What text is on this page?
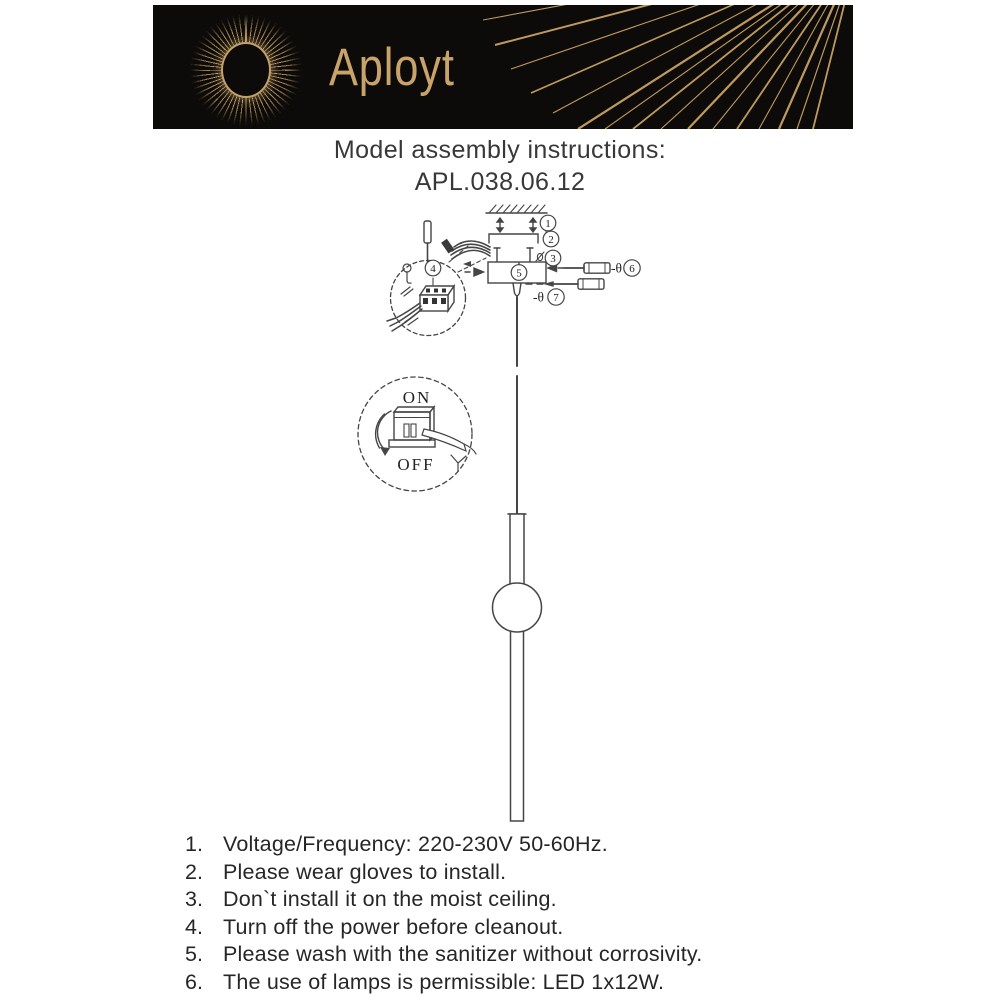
Aployt
Model assembly instructions:
APL.038.06.12
1
2
3
4	5	6
7
-θ
-θ
ON
OFF
1. Voltage/Frequency: 220-230V 50-60Hz.
2. Please wear gloves to install.
3. Don`t install it on the moist ceiling.
4. Turn off the power before cleanout.
5. Please wash with the sanitizer without corrosivity.
6. The use of lamps is permissible: LED 1x12W.
